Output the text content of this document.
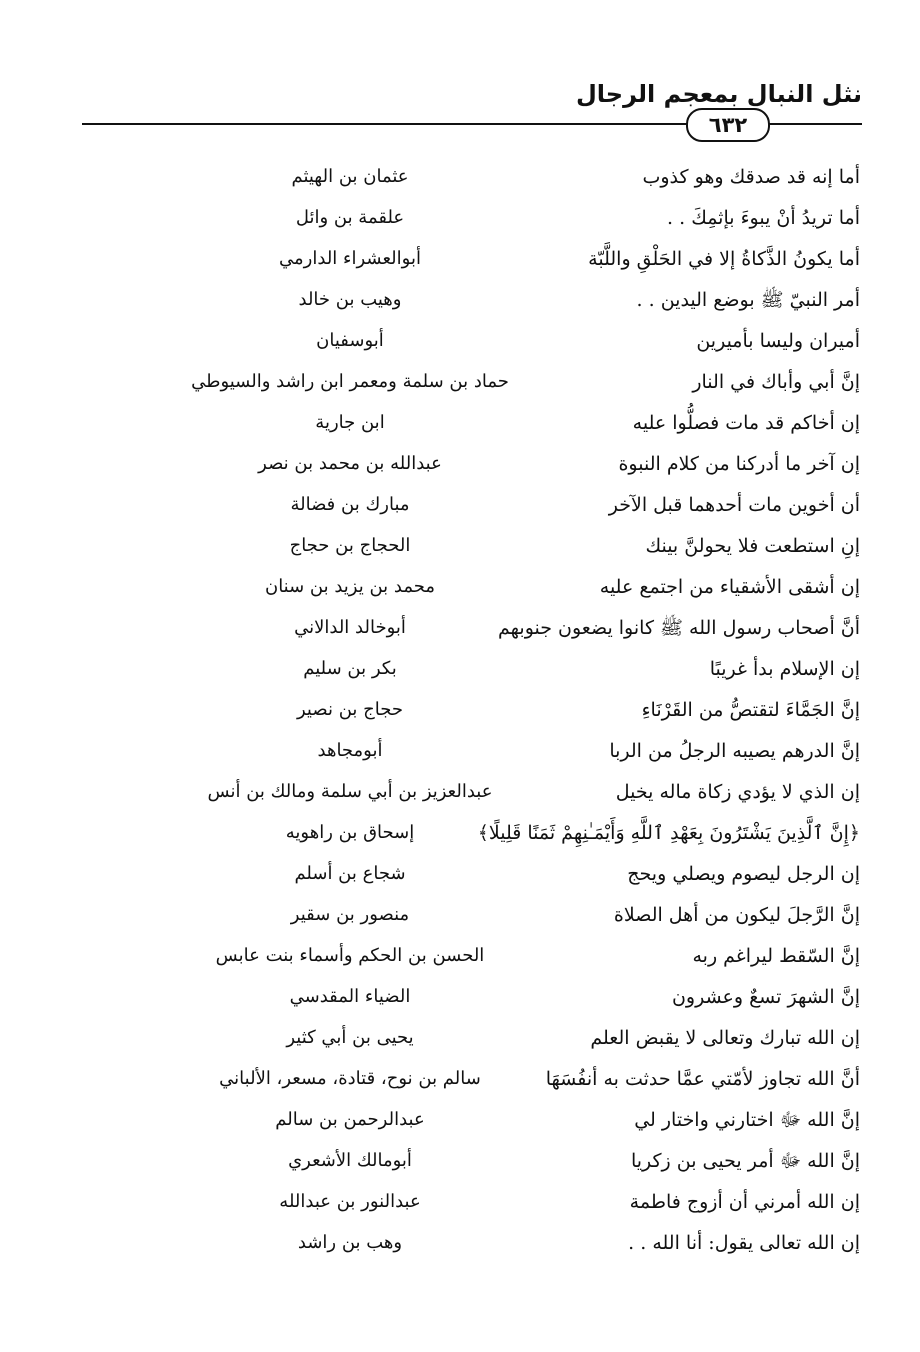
نثل النبال بمعجم الرجال
٦٣٢
أما إنه قد صدقك وهو كذوب
عثمان بن الهيثم
أما تريدُ أنْ يبوءَ بإثمِكَ . .
علقمة بن وائل
أما يكونُ الذَّكاةُ إلا في الحَلْقِ واللَّبّة
أبوالعشراء الدارمي
أمر النبيّ ﷺ بوضع اليدين . .
وهيب بن خالد
أميران وليسا بأميرين
أبوسفيان
إنَّ أبي وأباك في النار
حماد بن سلمة ومعمر ابن راشد والسيوطي
إن أخاكم قد مات فصلُّوا عليه
ابن جارية
إن آخر ما أدركنا من كلام النبوة
عبدالله بن محمد بن نصر
أن أخوين مات أحدهما قبل الآخر
مبارك بن فضالة
إنِ استطعت فلا يحولنَّ بينك
الحجاج بن حجاج
إن أشقى الأشقياء من اجتمع عليه
محمد بن يزيد بن سنان
أنَّ أصحاب رسول الله ﷺ كانوا يضعون جنوبهم
أبوخالد الدالاني
إن الإسلام بدأ غريبًا
بكر بن سليم
إنَّ الجَمَّاءَ لتقتصُّ من القَرْنَاءِ
حجاج بن نصير
إنَّ الدرهم يصيبه الرجلُ من الربا
أبومجاهد
إن الذي لا يؤدي زكاة ماله يخيل
عبدالعزيز بن أبي سلمة ومالك بن أنس
﴿إِنَّ ٱلَّذِينَ يَشْتَرُونَ بِعَهْدِ ٱللَّهِ وَأَيْمَـٰنِهِمْ ثَمَنًا قَلِيلًا﴾
إسحاق بن راهويه
إن الرجل ليصوم ويصلي ويحج
شجاع بن أسلم
إنَّ الرَّجلَ ليكون من أهل الصلاة
منصور بن سقير
إنَّ السّقط ليراغم ربه
الحسن بن الحكم وأسماء بنت عابس
إنَّ الشهرَ تسعٌ وعشرون
الضياء المقدسي
إن الله تبارك وتعالى لا يقبض العلم
يحيى بن أبي كثير
أنَّ الله تجاوز لأمّتي عمَّا حدثت به أنفُسَهَا
سالم بن نوح، قتادة، مسعر، الألباني
إنَّ الله ﷻ اختارني واختار لي
عبدالرحمن بن سالم
إنَّ الله ﷻ أمر يحيى بن زكريا
أبومالك الأشعري
إن الله أمرني أن أزوج فاطمة
عبدالنور بن عبدالله
إن الله تعالى يقول: أنا الله . .
وهب بن راشد
